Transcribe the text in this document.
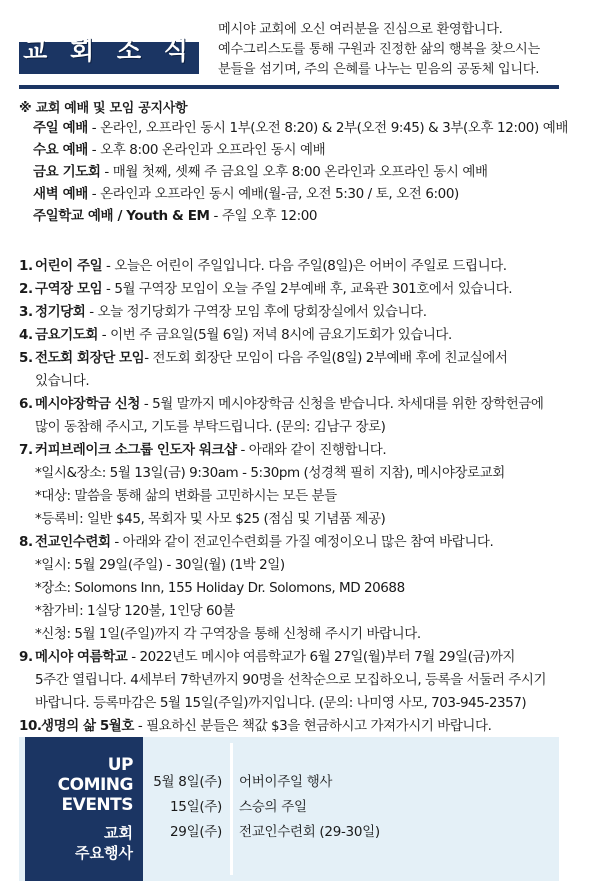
교 회 소 식
메시야 교회에 오신 여러분을 진심으로 환영합니다.
예수그리스도를 통해 구원과 진정한 삶의 행복을 찾으시는
분들을 섬기며, 주의 은혜를 나누는 믿음의 공동체 입니다.
※ 교회 예배 및 모임 공지사항
주일 예배 - 온라인, 오프라인 동시 1부(오전 8:20) & 2부(오전 9:45) & 3부(오후 12:00) 예배
수요 예배 - 오후 8:00 온라인과 오프라인 동시 예배
금요 기도회 - 매월 첫째, 셋째 주 금요일 오후 8:00 온라인과 오프라인 동시 예배
새벽 예배 - 온라인과 오프라인 동시 예배(월-금, 오전 5:30 / 토, 오전 6:00)
주일학교 예배 / Youth & EM - 주일 오후 12:00
1. 어린이 주일 - 오늘은 어린이 주일입니다. 다음 주일(8일)은 어버이 주일로 드립니다.
2. 구역장 모임 - 5월 구역장 모임이 오늘 주일 2부예배 후, 교육관 301호에서 있습니다.
3. 정기당회 - 오늘 정기당회가 구역장 모임 후에 당회장실에서 있습니다.
4. 금요기도회 - 이번 주 금요일(5월 6일) 저녁 8시에 금요기도회가 있습니다.
5. 전도회 회장단 모임- 전도회 회장단 모임이 다음 주일(8일) 2부예배 후에 친교실에서
있습니다.
6. 메시야장학금 신청 - 5월 말까지 메시야장학금 신청을 받습니다. 차세대를 위한 장학헌금에
많이 동참해 주시고, 기도를 부탁드립니다. (문의: 김남구 장로)
7. 커피브레이크 소그룹 인도자 워크샵 - 아래와 같이 진행합니다.
*일시&장소: 5월 13일(금) 9:30am - 5:30pm (성경책 필히 지참), 메시야장로교회
*대상: 말씀을 통해 삶의 변화를 고민하시는 모든 분들
*등록비: 일반 $45, 목회자 및 사모 $25 (점심 및 기념품 제공)
8. 전교인수련회 - 아래와 같이 전교인수련회를 가질 예정이오니 많은 참여 바랍니다.
*일시: 5월 29일(주일) - 30일(월) (1박 2일)
*장소: Solomons Inn, 155 Holiday Dr. Solomons, MD 20688
*참가비: 1실당 120불, 1인당 60불
*신청: 5월 1일(주일)까지 각 구역장을 통해 신청해 주시기 바랍니다.
9. 메시야 여름학교 - 2022년도 메시야 여름학교가 6월 27일(월)부터 7월 29일(금)까지
5주간 열립니다. 4세부터 7학년까지 90명을 선착순으로 모집하오니, 등록을 서둘러 주시기
바랍니다. 등록마감은 5월 15일(주일)까지입니다. (문의: 나미영 사모, 703-945-2357)
10. 생명의 삶 5월호 - 필요하신 분들은 책값 $3을 현금하시고 가져가시기 바랍니다.
UP
COMING
EVENTS
교회
주요행사
5월 8일(주) 어버이주일 행사
15일(주) 스승의 주일
29일(주) 전교인수련회 (29-30일)
